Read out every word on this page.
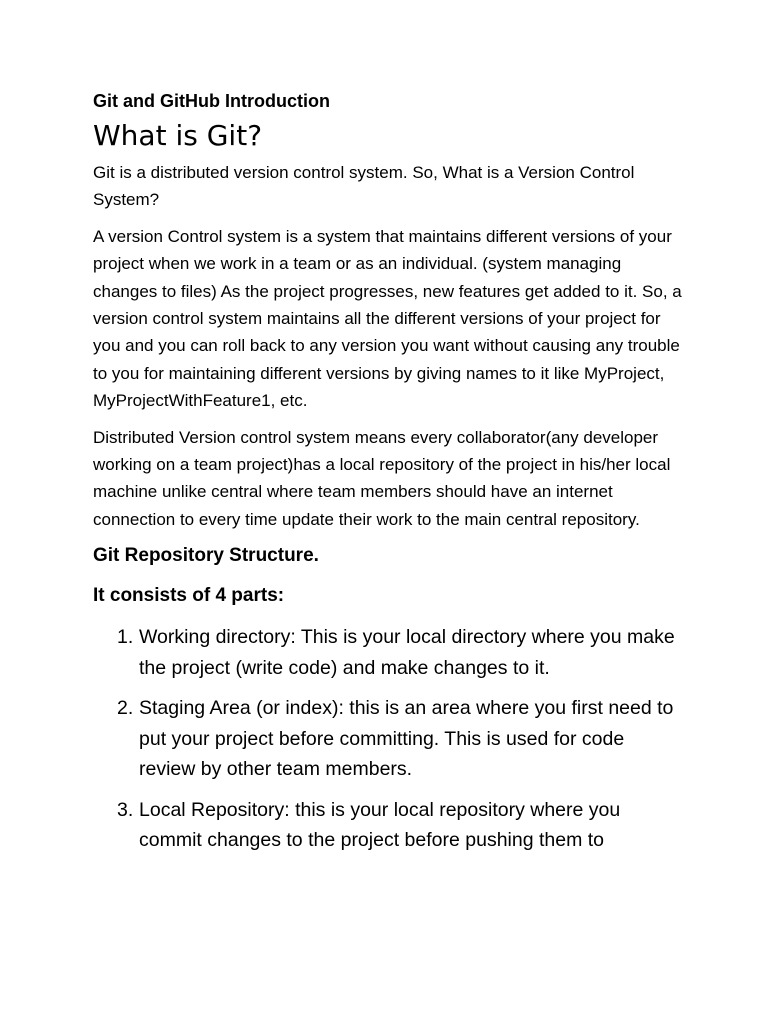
Git and GitHub Introduction
What is Git?

Git is a distributed version control system. So, What is a Version Control System?

A version Control system is a system that maintains different versions of your project when we work in a team or as an individual. (system managing changes to files) As the project progresses, new features get added to it. So, a version control system maintains all the different versions of your project for you and you can roll back to any version you want without causing any trouble to you for maintaining different versions by giving names to it like MyProject, MyProjectWithFeature1, etc.

Distributed Version control system means every collaborator(any developer working on a team project)has a local repository of the project in his/her local machine unlike central where team members should have an internet connection to every time update their work to the main central repository.

Git Repository Structure.
It consists of 4 parts:
1. Working directory: This is your local directory where you make the project (write code) and make changes to it.
2. Staging Area (or index): this is an area where you first need to put your project before committing. This is used for code review by other team members.
3. Local Repository: this is your local repository where you commit changes to the project before pushing them to
